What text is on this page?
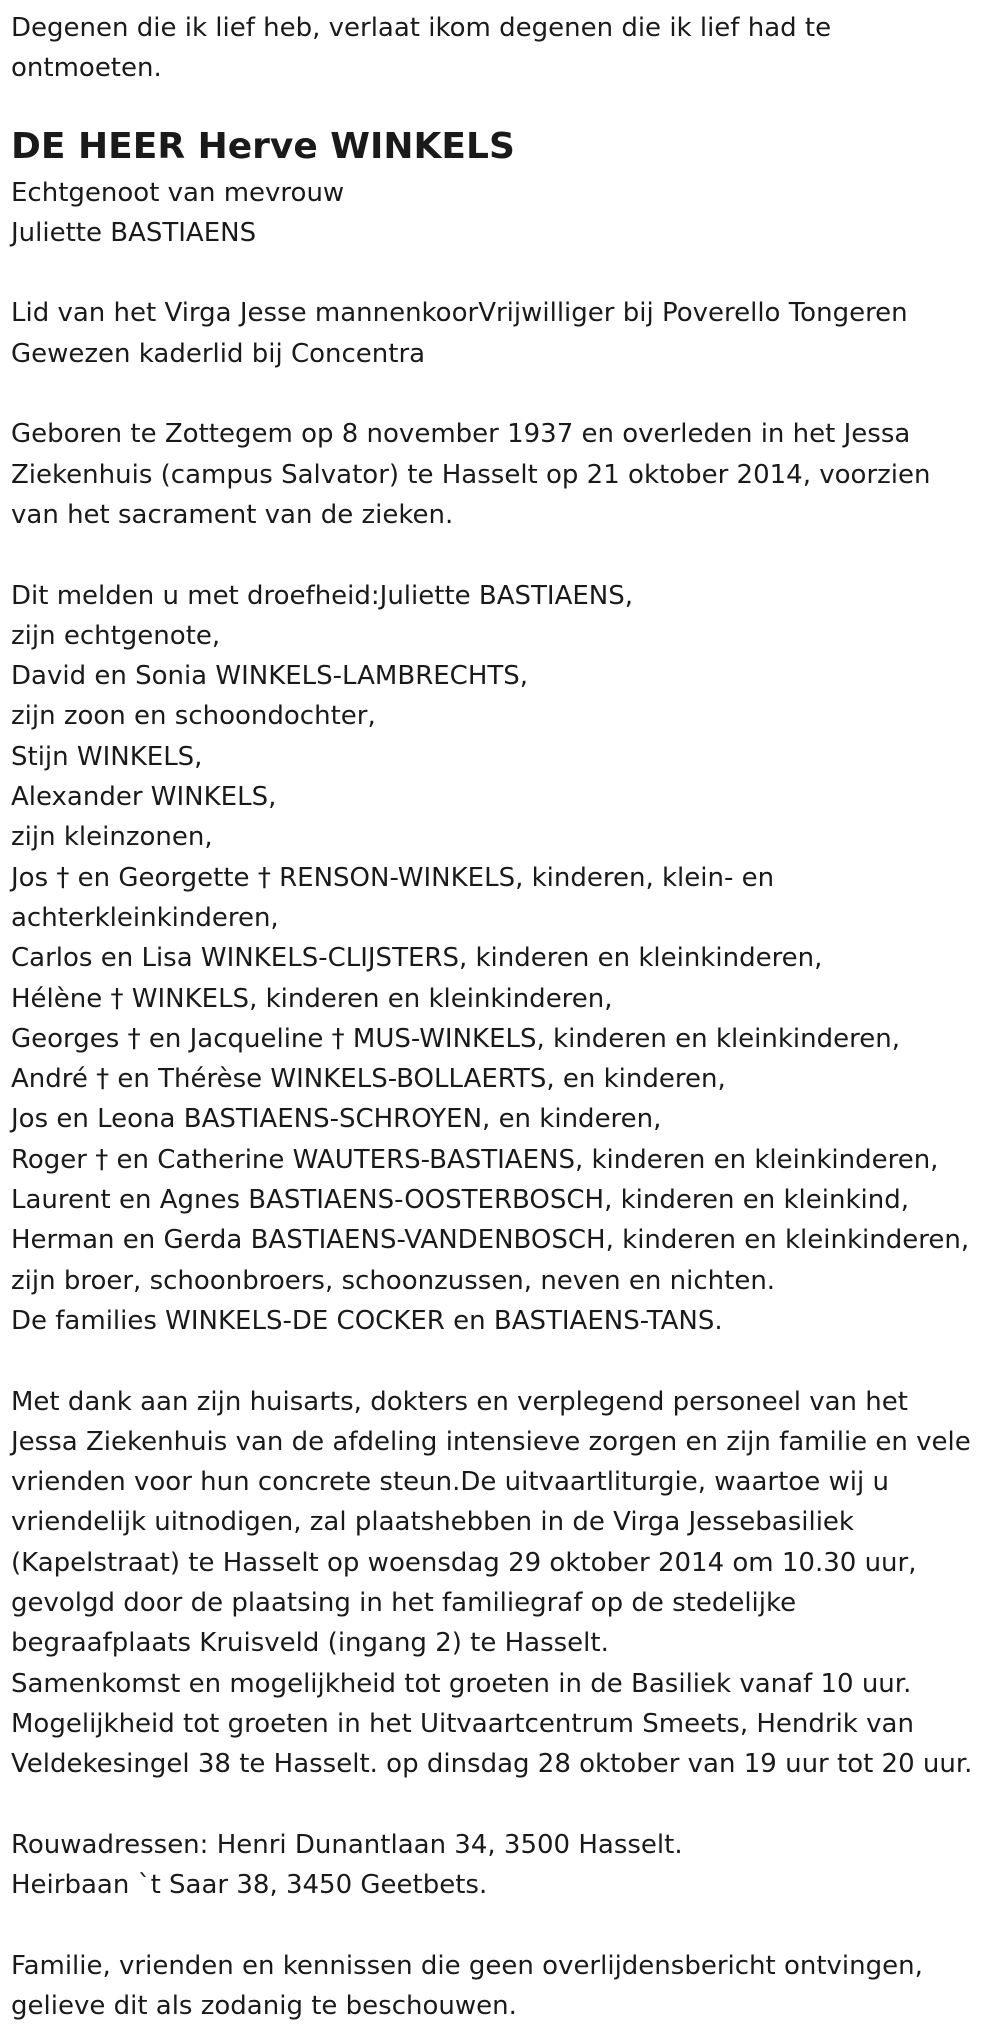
Degenen die ik lief heb, verlaat ikom degenen die ik lief had te

ontmoeten.

DE HEER Herve WINKELS

Echtgenoot van mevrouw

Juliette BASTIAENS

Lid van het Virga Jesse mannenkoorVrijwilliger bij Poverello Tongeren

Gewezen kaderlid bij Concentra

Geboren te Zottegem op 8 november 1937 en overleden in het Jessa

Ziekenhuis (campus Salvator) te Hasselt op 21 oktober 2014, voorzien

van het sacrament van de zieken.

Dit melden u met droefheid:Juliette BASTIAENS,

zijn echtgenote,

David en Sonia WINKELS-LAMBRECHTS,

zijn zoon en schoondochter,

Stijn WINKELS,

Alexander WINKELS,

zijn kleinzonen,

Jos † en Georgette † RENSON-WINKELS, kinderen, klein- en

achterkleinkinderen,

Carlos en Lisa WINKELS-CLIJSTERS, kinderen en kleinkinderen,

Hélène † WINKELS, kinderen en kleinkinderen,

Georges † en Jacqueline † MUS-WINKELS, kinderen en kleinkinderen,

André † en Thérèse WINKELS-BOLLAERTS, en kinderen,

Jos en Leona BASTIAENS-SCHROYEN, en kinderen,

Roger † en Catherine WAUTERS-BASTIAENS, kinderen en kleinkinderen,

Laurent en Agnes BASTIAENS-OOSTERBOSCH, kinderen en kleinkind,

Herman en Gerda BASTIAENS-VANDENBOSCH, kinderen en kleinkinderen,

zijn broer, schoonbroers, schoonzussen, neven en nichten.

De families WINKELS-DE COCKER en BASTIAENS-TANS.

Met dank aan zijn huisarts, dokters en verplegend personeel van het

Jessa Ziekenhuis van de afdeling intensieve zorgen en zijn familie en vele

vrienden voor hun concrete steun.De uitvaartliturgie, waartoe wij u

vriendelijk uitnodigen, zal plaatshebben in de Virga Jessebasiliek

(Kapelstraat) te Hasselt op woensdag 29 oktober 2014 om 10.30 uur,

gevolgd door de plaatsing in het familiegraf op de stedelijke

begraafplaats Kruisveld (ingang 2) te Hasselt.

Samenkomst en mogelijkheid tot groeten in de Basiliek vanaf 10 uur.

Mogelijkheid tot groeten in het Uitvaartcentrum Smeets, Hendrik van

Veldekesingel 38 te Hasselt. op dinsdag 28 oktober van 19 uur tot 20 uur.

Rouwadressen: Henri Dunantlaan 34, 3500 Hasselt.

Heirbaan `t Saar 38, 3450 Geetbets.

Familie, vrienden en kennissen die geen overlijdensbericht ontvingen,

gelieve dit als zodanig te beschouwen.
